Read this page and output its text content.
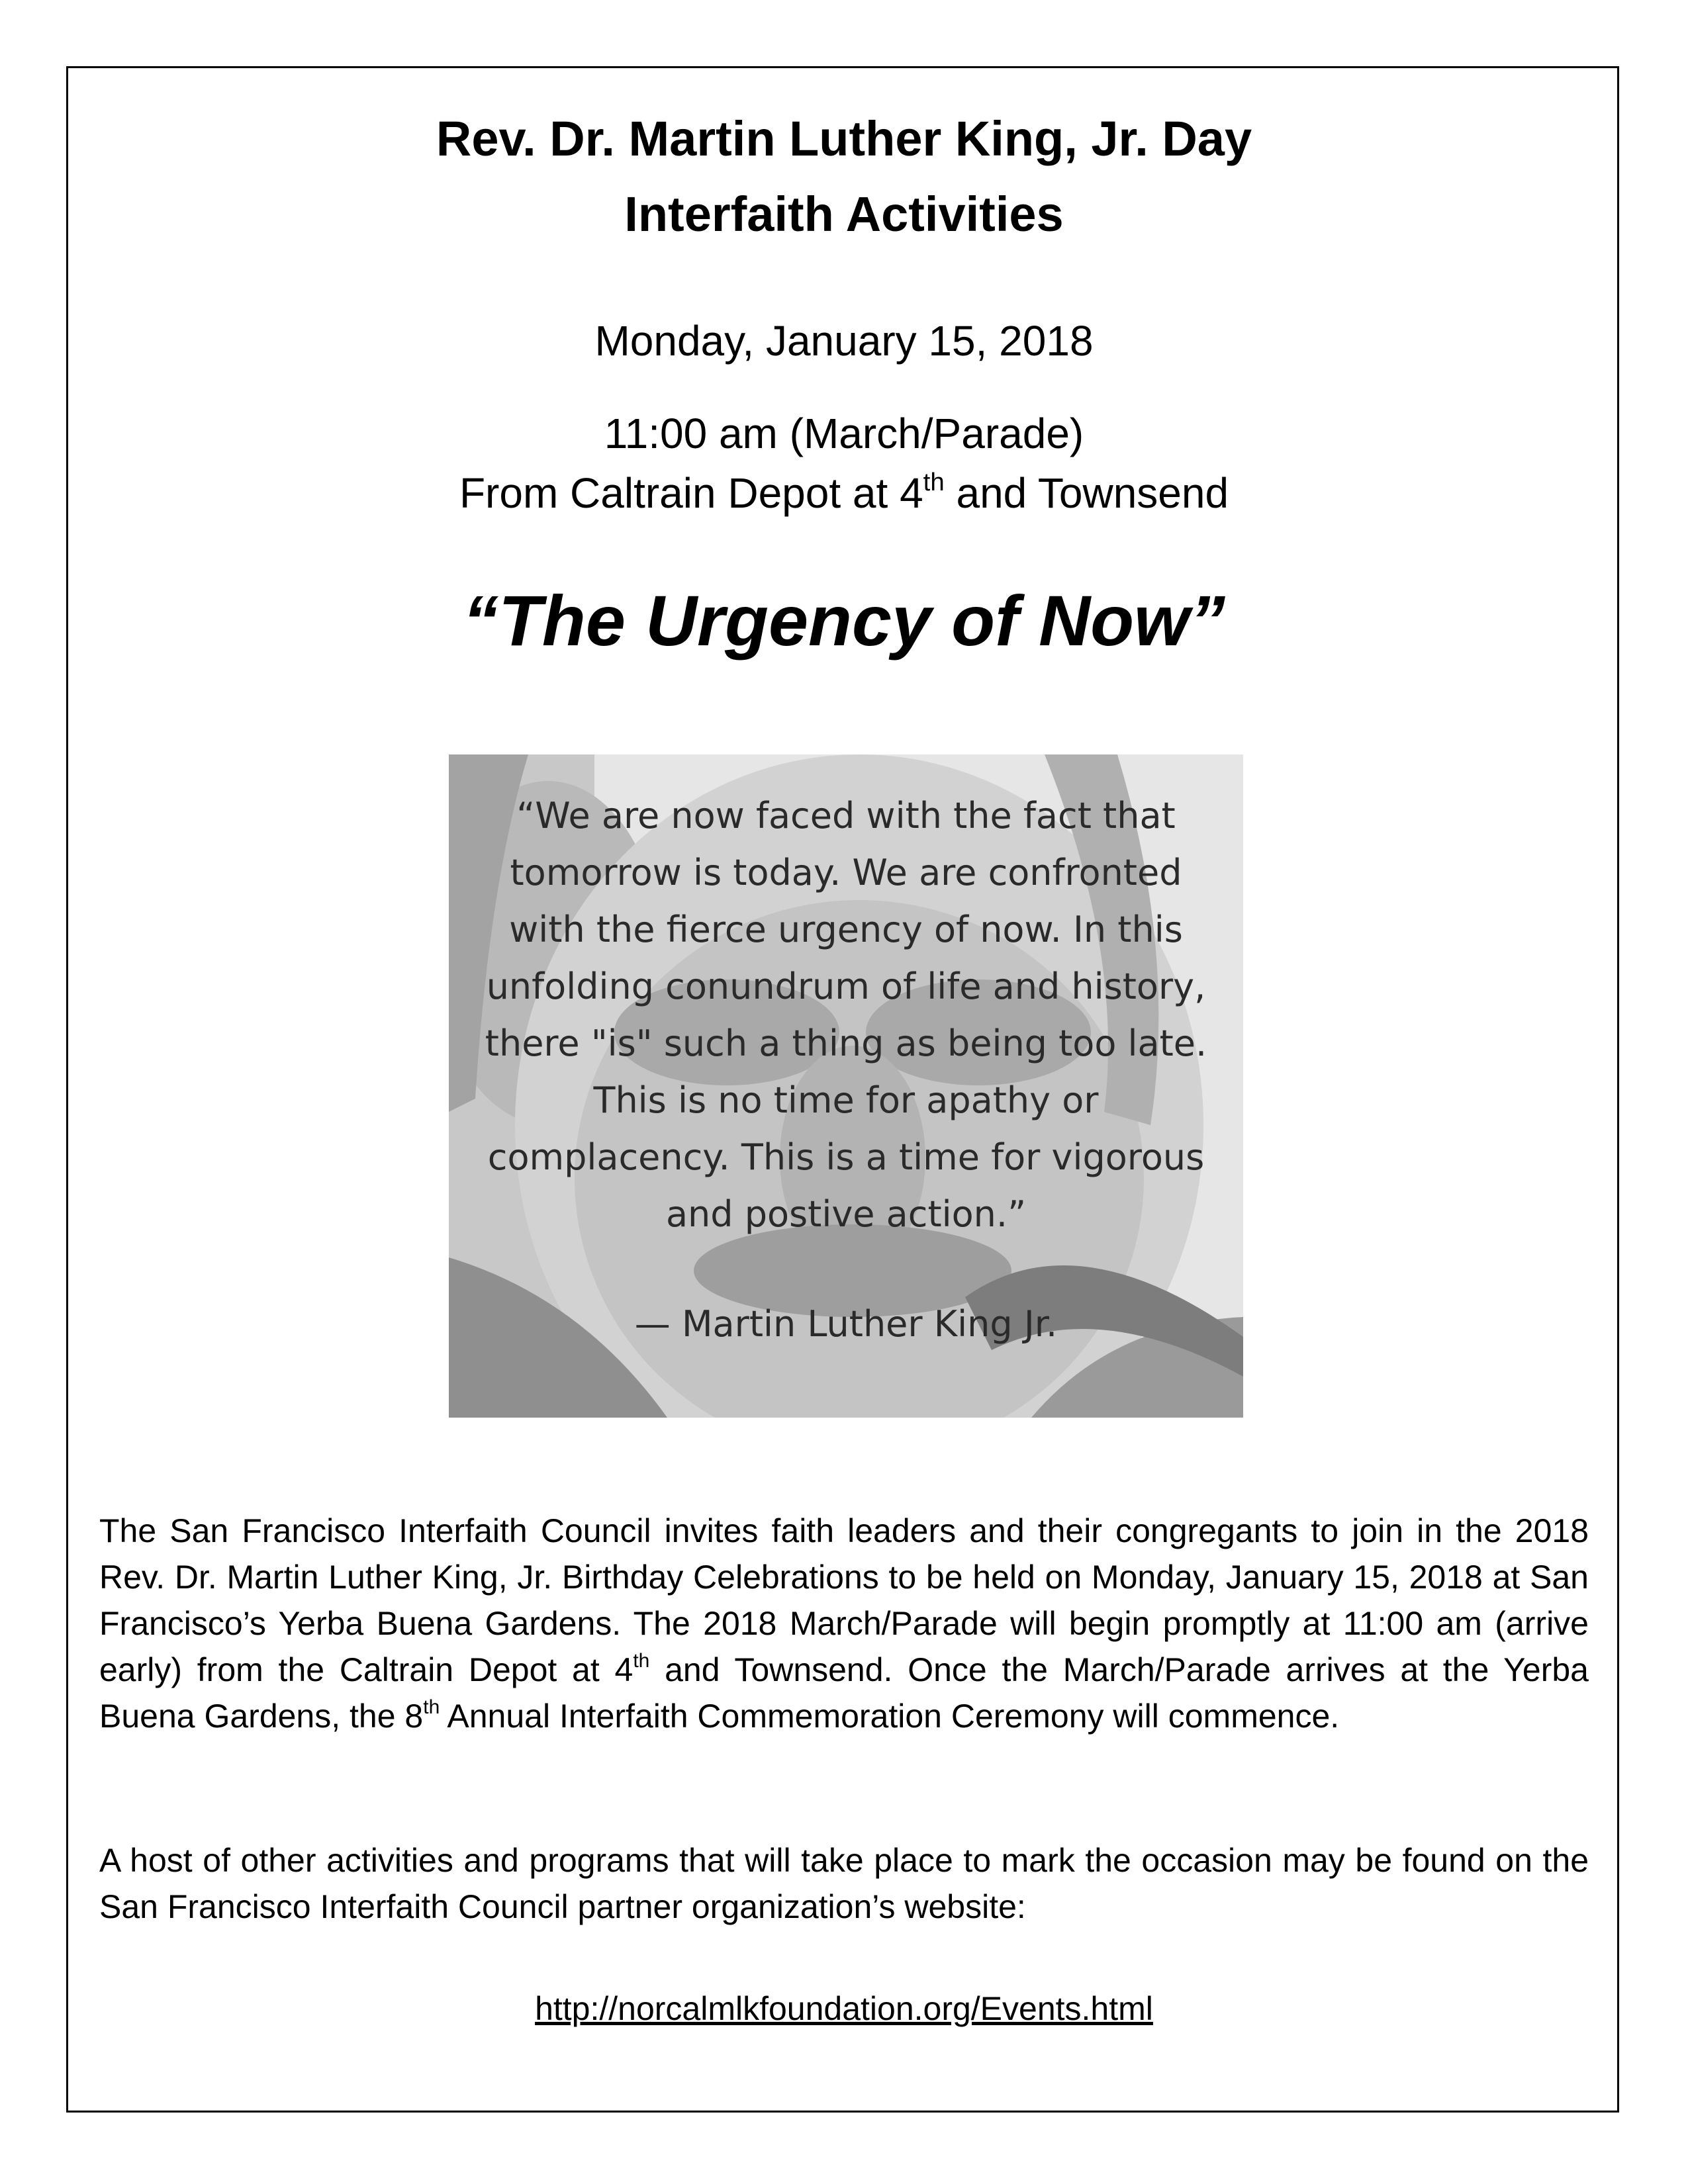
Rev. Dr. Martin Luther King, Jr. Day
Interfaith Activities
Monday, January 15, 2018
11:00 am (March/Parade)
From Caltrain Depot at 4th and Townsend
“The Urgency of Now”
“We are now faced with the fact that
tomorrow is today. We are confronted
with the fierce urgency of now. In this
unfolding conundrum of life and history,
there "is" such a thing as being too late.
This is no time for apathy or
complacency. This is a time for vigorous
and postive action.”
— Martin Luther King Jr.
The San Francisco Interfaith Council invites faith leaders and their congregants to join in the 2018 Rev. Dr. Martin Luther King, Jr. Birthday Celebrations to be held on Monday, January 15, 2018 at San Francisco’s Yerba Buena Gardens. The 2018 March/Parade will begin promptly at 11:00 am (arrive early) from the Caltrain Depot at 4th and Townsend. Once the March/Parade arrives at the Yerba Buena Gardens, the 8th Annual Interfaith Commemoration Ceremony will commence.
A host of other activities and programs that will take place to mark the occasion may be found on the San Francisco Interfaith Council partner organization’s website:
http://norcalmlkfoundation.org/Events.html
